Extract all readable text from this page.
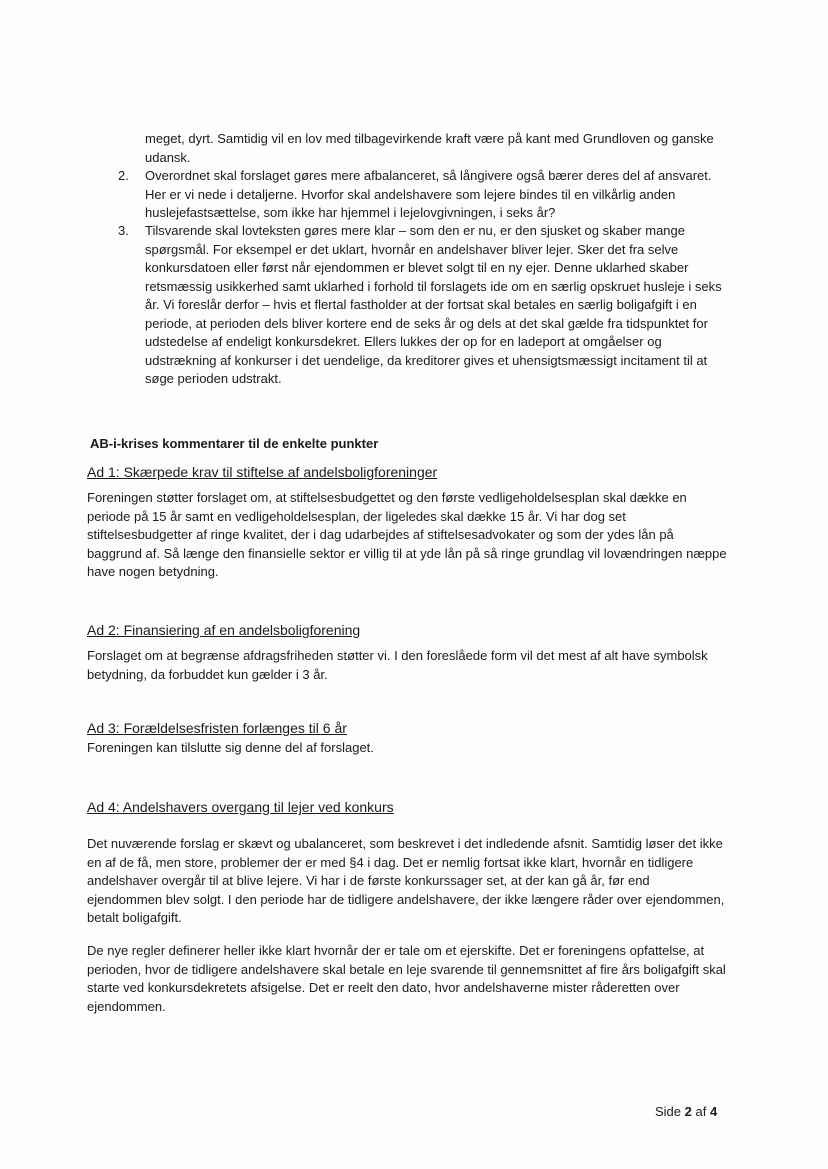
meget, dyrt. Samtidig vil en lov med tilbagevirkende kraft være på kant med Grundloven og ganske udansk.
2.	Overordnet skal forslaget gøres mere afbalanceret, så långivere også bærer deres del af ansvaret. Her er vi nede i detaljerne. Hvorfor skal andelshavere som lejere bindes til en vilkårlig anden huslejefastsættelse, som ikke har hjemmel i lejelovgivningen, i seks år?
3.	Tilsvarende skal lovteksten gøres mere klar – som den er nu, er den sjusket og skaber mange spørgsmål. For eksempel er det uklart, hvornår en andelshaver bliver lejer. Sker det fra selve konkursdatoen eller først når ejendommen er blevet solgt til en ny ejer. Denne uklarhed skaber retsmæssig usikkerhed samt uklarhed i forhold til forslagets ide om en særlig opskruet husleje i seks år. Vi foreslår derfor – hvis et flertal fastholder at der fortsat skal betales en særlig boligafgift i en periode, at perioden dels bliver kortere end de seks år og dels at det skal gælde fra tidspunktet for udstedelse af endeligt konkursdekret. Ellers lukkes der op for en ladeport at omgåelser og udstrækning af konkurser i det uendelige, da kreditorer gives et uhensigtsmæssigt incitament til at søge perioden udstrakt.
AB-i-krises kommentarer til de enkelte punkter
Ad 1: Skærpede krav til stiftelse af andelsboligforeninger
Foreningen støtter forslaget om, at stiftelsesbudgettet og den første vedligeholdelsesplan skal dække en periode på 15 år samt en vedligeholdelsesplan, der ligeledes skal dække 15 år. Vi har dog set stiftelsesbudgetter af ringe kvalitet, der i dag udarbejdes af stiftelsesadvokater og som der ydes lån på baggrund af. Så længe den finansielle sektor er villig til at yde lån på så ringe grundlag vil lovændringen næppe have nogen betydning.
Ad 2: Finansiering af en andelsboligforening
Forslaget om at begrænse afdragsfriheden støtter vi. I den foreslåede form vil det mest af alt have symbolsk betydning, da forbuddet kun gælder i 3 år.
Ad 3: Forældelsesfristen forlænges til 6 år
Foreningen kan tilslutte sig denne del af forslaget.
Ad 4: Andelshavers overgang til lejer ved konkurs
Det nuværende forslag er skævt og ubalanceret, som beskrevet i det indledende afsnit. Samtidig løser det ikke en af de få, men store, problemer der er med §4 i dag. Det er nemlig fortsat ikke klart, hvornår en tidligere andelshaver overgår til at blive lejere. Vi har i de første konkurssager set, at der kan gå år, før end ejendommen blev solgt. I den periode har de tidligere andelshavere, der ikke længere råder over ejendommen, betalt boligafgift.
De nye regler definerer heller ikke klart hvornår der er tale om et ejerskifte. Det er foreningens opfattelse, at perioden, hvor de tidligere andelshavere skal betale en leje svarende til gennemsnittet af fire års boligafgift skal starte ved konkursdekretets afsigelse. Det er reelt den dato, hvor andelshaverne mister råderetten over ejendommen.
Side 2 af 4
